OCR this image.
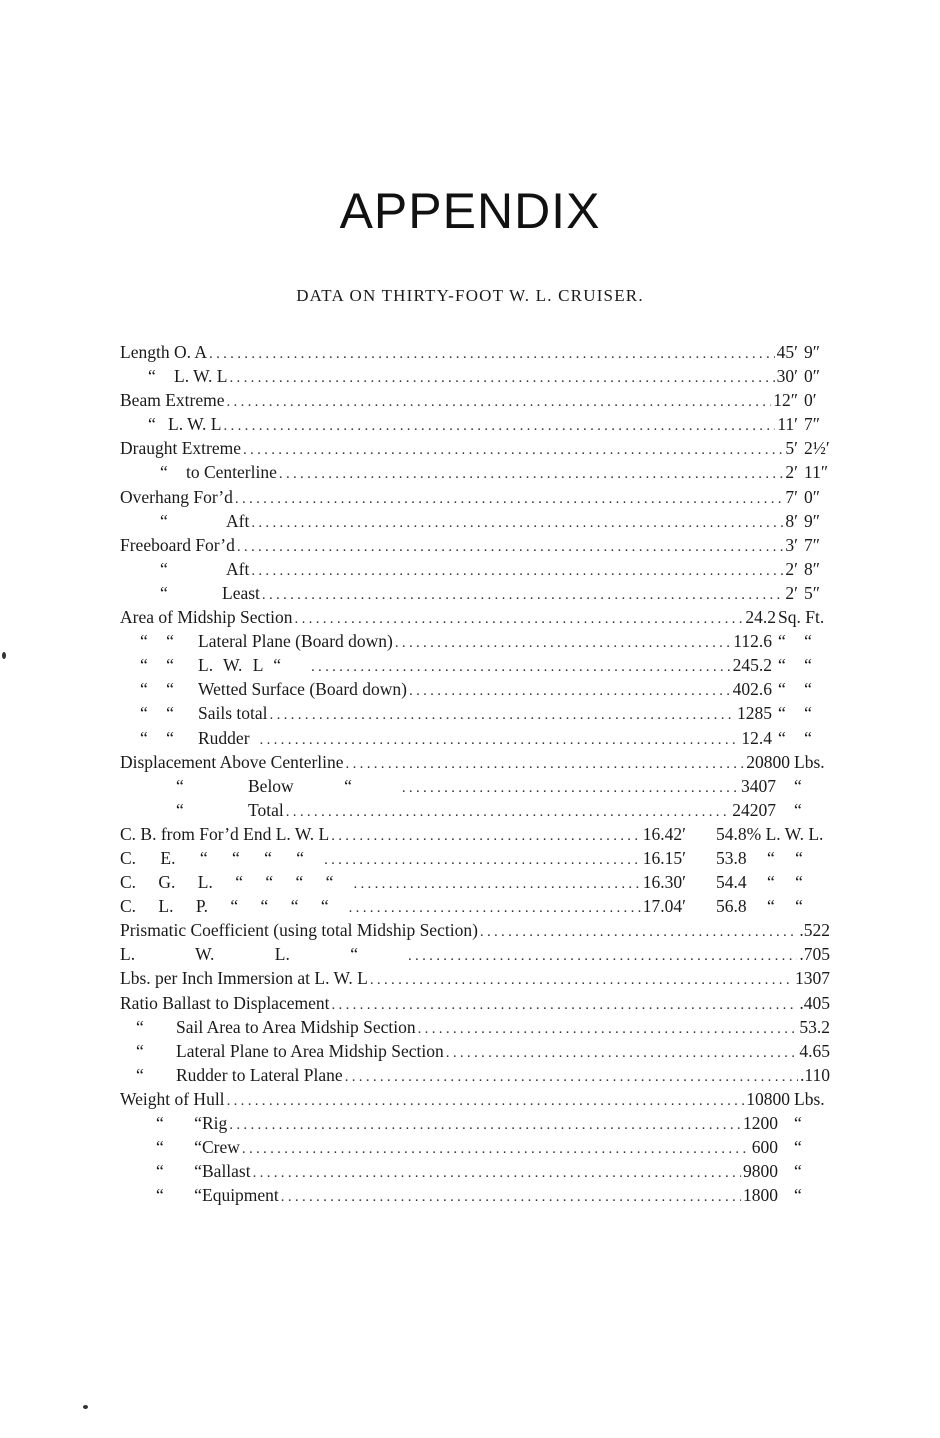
APPENDIX
DATA ON THIRTY-FOOT W. L. CRUISER.
Length O. A .....	45′ 9″
“ L. W. L .....	30′ 0″
Beam Extreme .....	12″ 0′
“ L. W. L .....	11′ 7″
Draught Extreme .....	5′ 2½′
“ to Centerline .....	2′ 11″
Overhang For’d .....	7′ 0″
“	Aft .....	8′ 9″
Freeboard For’d .....	3′ 7″
“	Aft .....	2′ 8″
“	Least .....	2′ 5″
Area of Midship Section .....	24.2 Sq. Ft.
“ “ Lateral Plane (Board down) .....	112.6 “ “
“ “ L. W. L “ .....	245.2 “ “
“ “ Wetted Surface (Board down) .....	402.6 “ “
“ “ Sails total .....	1285 “ “
“ “ Rudder .....	12.4 “ “
Displacement Above Centerline .....	20800 Lbs.
“	Below “ .....	3407 “
“	Total .....	24207 “
C. B. from For’d End L. W. L .....	16.42′	54.8% L. W. L.
C. E. “ “ “ “ .....	16.15′	53.8 “ “
C. G. L. “ “ “ “ .....	16.30′	54.4 “ “
C. L. P. “ “ “ “ .....	17.04′	56.8 “ “
Prismatic Coefficient (using total Midship Section) .....	.522
L. W. L. “ .....	.705
Lbs. per Inch Immersion at L. W. L .....	1307
Ratio Ballast to Displacement .....	.405
“ Sail Area to Area Midship Section .....	53.2
“ Lateral Plane to Area Midship Section .....	4.65
“ Rudder to Lateral Plane .....	.110
Weight of Hull .....	10800 Lbs.
“ “Rig .....	1200 “
“ “Crew .....	600 “
“ “Ballast .....	9800 “
“ “Equipment .....	1800 “
